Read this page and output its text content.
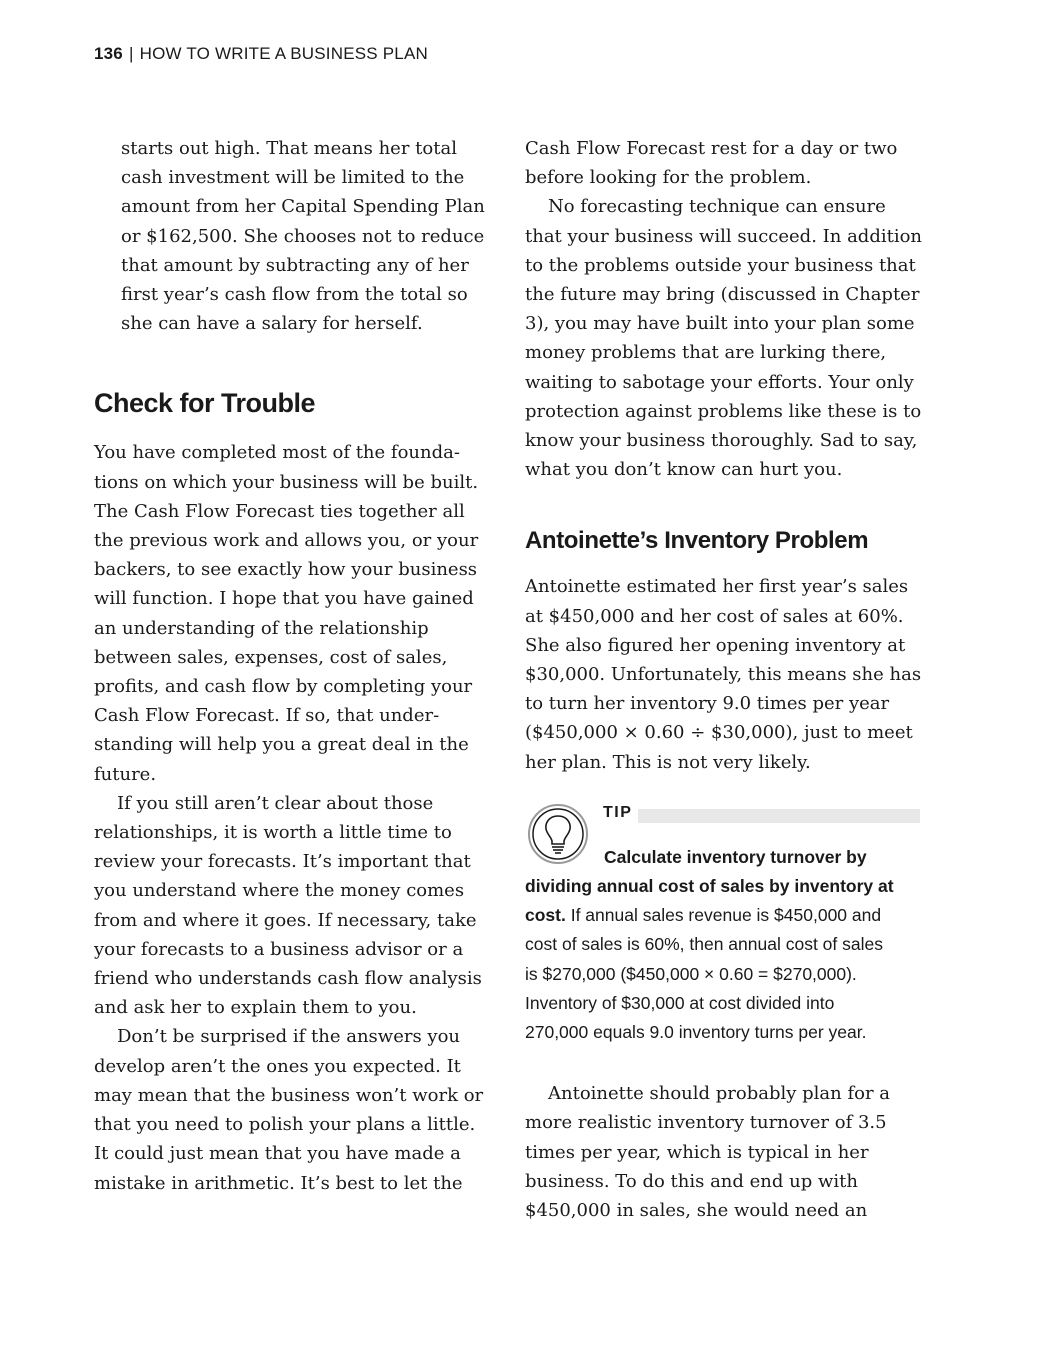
136 | HOW TO WRITE A BUSINESS PLAN
starts out high. That means her total
cash investment will be limited to the
amount from her Capital Spending Plan
or $162,500. She chooses not to reduce
that amount by subtracting any of her
first year’s cash flow from the total so
she can have a salary for herself.
Check for Trouble
You have completed most of the founda-
tions on which your business will be built.
The Cash Flow Forecast ties together all
the previous work and allows you, or your
backers, to see exactly how your business
will function. I hope that you have gained
an understanding of the relationship
between sales, expenses, cost of sales,
profits, and cash flow by completing your
Cash Flow Forecast. If so, that under-
standing will help you a great deal in the
future.
If you still aren’t clear about those
relationships, it is worth a little time to
review your forecasts. It’s important that
you understand where the money comes
from and where it goes. If necessary, take
your forecasts to a business advisor or a
friend who understands cash flow analysis
and ask her to explain them to you.
Don’t be surprised if the answers you
develop aren’t the ones you expected. It
may mean that the business won’t work or
that you need to polish your plans a little.
It could just mean that you have made a
mistake in arithmetic. It’s best to let the
Cash Flow Forecast rest for a day or two
before looking for the problem.
No forecasting technique can ensure
that your business will succeed. In addition
to the problems outside your business that
the future may bring (discussed in Chapter
3), you may have built into your plan some
money problems that are lurking there,
waiting to sabotage your efforts. Your only
protection against problems like these is to
know your business thoroughly. Sad to say,
what you don’t know can hurt you.
Antoinette’s Inventory Problem
Antoinette estimated her first year’s sales
at $450,000 and her cost of sales at 60%.
She also figured her opening inventory at
$30,000. Unfortunately, this means she has
to turn her inventory 9.0 times per year
($450,000 × 0.60 ÷ $30,000), just to meet
her plan. This is not very likely.
TIP
Calculate inventory turnover by
dividing annual cost of sales by inventory at
cost. If annual sales revenue is $450,000 and
cost of sales is 60%, then annual cost of sales
is $270,000 ($450,000 × 0.60 = $270,000).
Inventory of $30,000 at cost divided into
270,000 equals 9.0 inventory turns per year.
Antoinette should probably plan for a
more realistic inventory turnover of 3.5
times per year, which is typical in her
business. To do this and end up with
$450,000 in sales, she would need an
